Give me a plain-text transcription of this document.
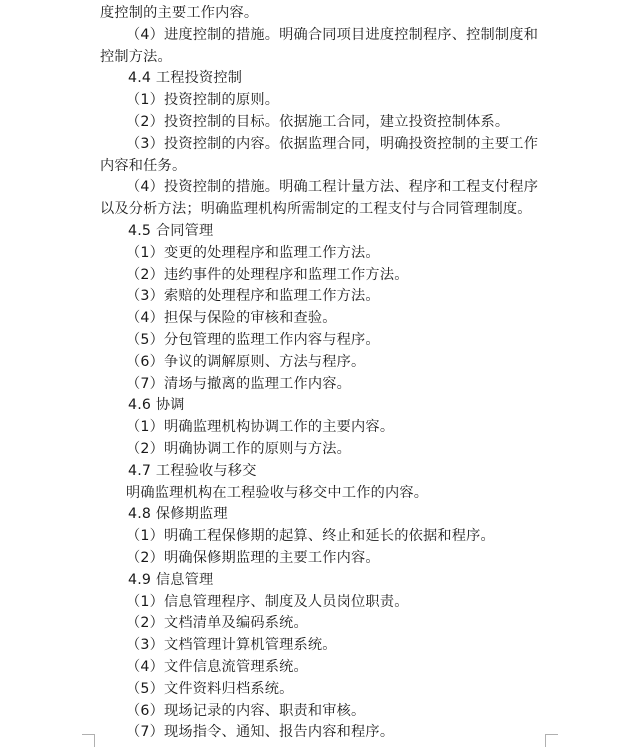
度控制的主要工作内容。
（4）进度控制的措施。明确合同项目进度控制程序、控制制度和
控制方法。
4.4 工程投资控制
（1）投资控制的原则。
（2）投资控制的目标。依据施工合同，建立投资控制体系。
（3）投资控制的内容。依据监理合同，明确投资控制的主要工作
内容和任务。
（4）投资控制的措施。明确工程计量方法、程序和工程支付程序
以及分析方法；明确监理机构所需制定的工程支付与合同管理制度。
4.5 合同管理
（1）变更的处理程序和监理工作方法。
（2）违约事件的处理程序和监理工作方法。
（3）索赔的处理程序和监理工作方法。
（4）担保与保险的审核和查验。
（5）分包管理的监理工作内容与程序。
（6）争议的调解原则、方法与程序。
（7）清场与撤离的监理工作内容。
4.6 协调
（1）明确监理机构协调工作的主要内容。
（2）明确协调工作的原则与方法。
4.7 工程验收与移交
明确监理机构在工程验收与移交中工作的内容。
4.8 保修期监理
（1）明确工程保修期的起算、终止和延长的依据和程序。
（2）明确保修期监理的主要工作内容。
4.9 信息管理
（1）信息管理程序、制度及人员岗位职责。
（2）文档清单及编码系统。
（3）文档管理计算机管理系统。
（4）文件信息流管理系统。
（5）文件资料归档系统。
（6）现场记录的内容、职责和审核。
（7）现场指令、通知、报告内容和程序。
